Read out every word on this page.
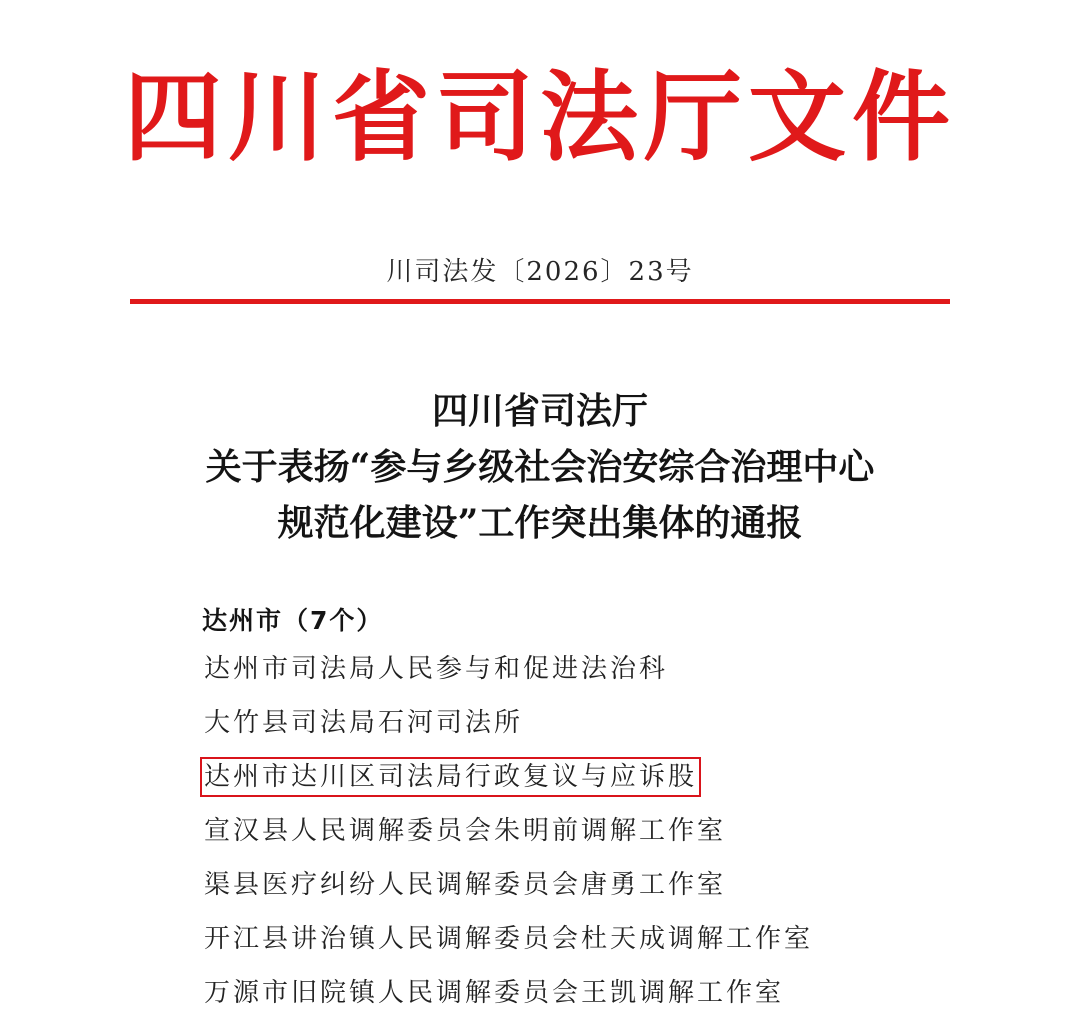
四川省司法厅文件
川司法发〔2026〕23号
四川省司法厅
关于表扬“参与乡级社会治安综合治理中心
规范化建设”工作突出集体的通报
达州市（7个）
达州市司法局人民参与和促进法治科
大竹县司法局石河司法所
达州市达川区司法局行政复议与应诉股
宣汉县人民调解委员会朱明前调解工作室
渠县医疗纠纷人民调解委员会唐勇工作室
开江县讲治镇人民调解委员会杜天成调解工作室
万源市旧院镇人民调解委员会王凯调解工作室
